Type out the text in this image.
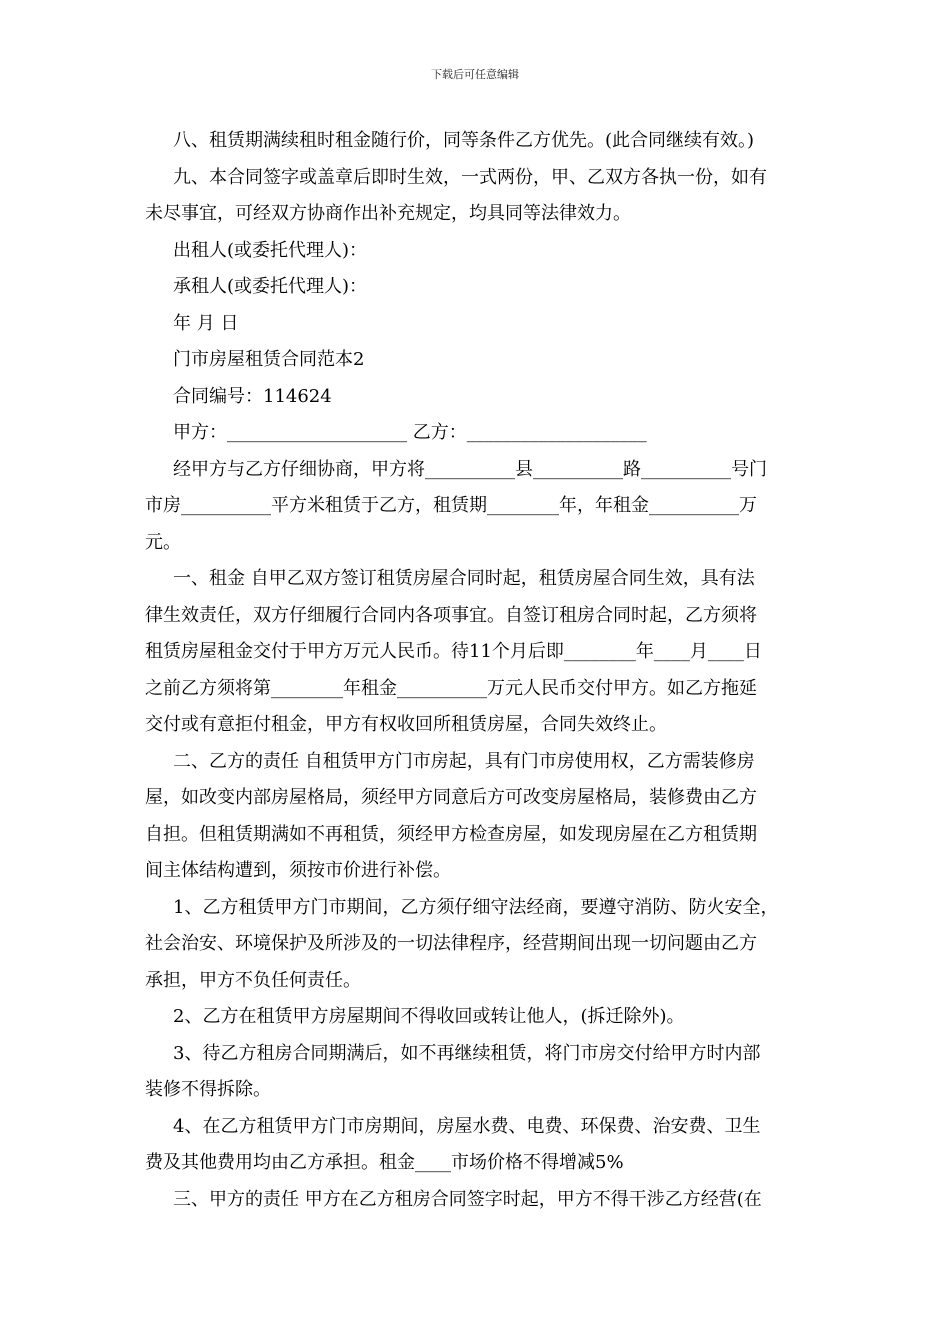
下载后可任意编辑
八、租赁期满续租时租金随行价，同等条件乙方优先。(此合同继续有效。)
九、本合同签字或盖章后即时生效，一式两份，甲、乙双方各执一份，如有
未尽事宜，可经双方协商作出补充规定，均具同等法律效力。
出租人(或委托代理人)：
承租人(或委托代理人)：
年 月 日
门市房屋租赁合同范本2
合同编号：114624
甲方：____________________ 乙方：____________________
经甲方与乙方仔细协商，甲方将__________县__________路__________号门
市房__________平方米租赁于乙方，租赁期________年，年租金__________万
元。
一、租金 自甲乙双方签订租赁房屋合同时起，租赁房屋合同生效，具有法
律生效责任，双方仔细履行合同内各项事宜。自签订租房合同时起，乙方须将
租赁房屋租金交付于甲方万元人民币。待11个月后即________年____月____日
之前乙方须将第________年租金__________万元人民币交付甲方。如乙方拖延
交付或有意拒付租金，甲方有权收回所租赁房屋，合同失效终止。
二、乙方的责任 自租赁甲方门市房起，具有门市房使用权，乙方需装修房
屋，如改变内部房屋格局，须经甲方同意后方可改变房屋格局，装修费由乙方
自担。但租赁期满如不再租赁，须经甲方检查房屋，如发现房屋在乙方租赁期
间主体结构遭到，须按市价进行补偿。
1、乙方租赁甲方门市期间，乙方须仔细守法经商，要遵守消防、防火安全，
社会治安、环境保护及所涉及的一切法律程序，经营期间出现一切问题由乙方
承担，甲方不负任何责任。
2、乙方在租赁甲方房屋期间不得收回或转让他人，(拆迁除外)。
3、待乙方租房合同期满后，如不再继续租赁，将门市房交付给甲方时内部
装修不得拆除。
4、在乙方租赁甲方门市房期间，房屋水费、电费、环保费、治安费、卫生
费及其他费用均由乙方承担。租金____市场价格不得增减5%
三、甲方的责任 甲方在乙方租房合同签字时起，甲方不得干涉乙方经营(在
